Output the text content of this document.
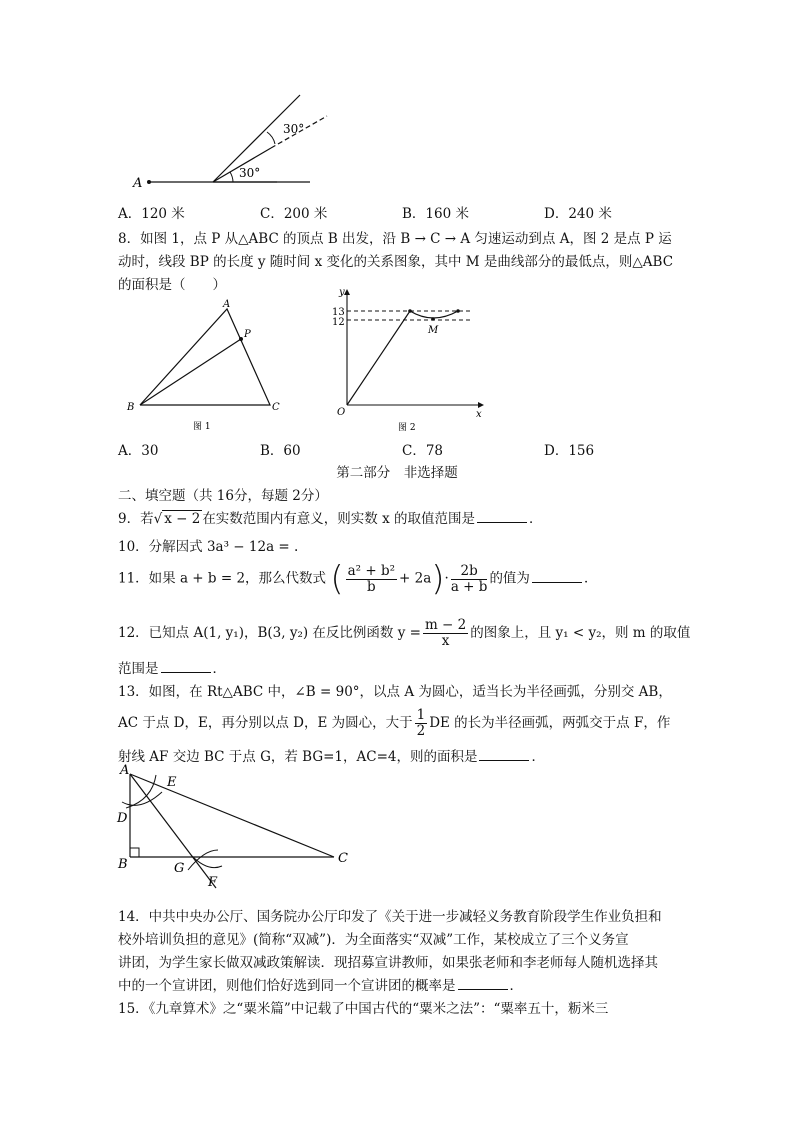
A
30°
30°
A．120 米	C．200 米	B．160 米	D．240 米
8．如图 1，点 P 从△ABC 的顶点 B 出发，沿 B → C → A 匀速运动到点 A，图 2 是点 P 运
动时，线段 BP 的长度 y 随时间 x 变化的关系图象，其中 M 是曲线部分的最低点，则△ABC
的面积是（　　）
A
P
B	C
图 1
y
x
O
M
13
12
图 2
A．30	B．60	C．78	D．156
第二部分　非选择题
二、填空题（共 16分，每题 2分）
9．若√ x − 2 在实数范围内有意义，则实数 x 的取值范围是	．
10．分解因式 3a³ − 12a = .
11．如果 a + b = 2，那么代数式 ( $\frac{\text{a² + b²}}{b} + 2a)\cdot \frac{2b}{a + b}$ 的值为	．
12．已知点 A(1, y₁)，B(3, y₂) 在反比例函数 $y = \frac{m - 2}{x}$ 的图象上，且 y₁ < y₂，则 m 的取值
范围是	．
13．如图，在 Rt△ABC 中，∠B = 90°，以点 A 为圆心，适当长为半径画弧，分别交 AB，
AC 于点 D，E，再分别以点 D，E 为圆心，大于 $\frac{1}{2}$ DE 的长为半径画弧，两弧交于点 F，作
射线 AF 交边 BC 于点 G，若 BG=1，AC=4，则的面积是	．
A
E
D
B	G
C
F
14．中共中央办公厅、国务院办公厅印发了《关于进一步减轻义务教育阶段学生作业负担和
校外培训负担的意见》(简称“双减”)．为全面落实“双减”工作，某校成立了三个义务宣
讲团，为学生家长做双减政策解读．现招募宣讲教师，如果张老师和李老师每人随机选择其
中的一个宣讲团，则他们恰好选到同一个宣讲团的概率是	．
15．《九章算术》之“粟米篇”中记载了中国古代的“粟米之法”：“粟率五十，粝米三
